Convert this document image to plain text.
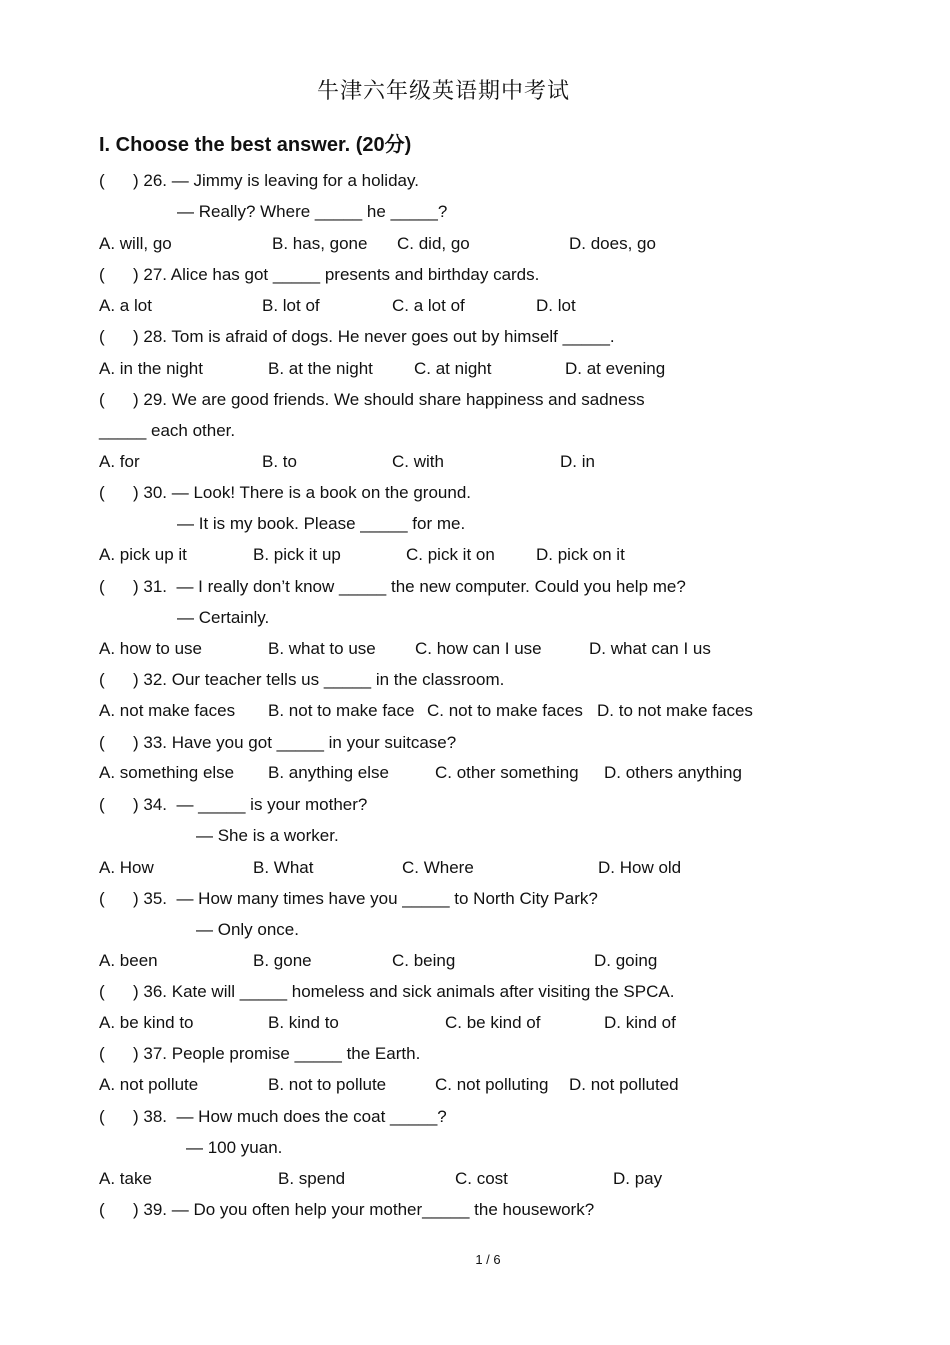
牛津六年级英语期中考试
I. Choose the best answer. (20分)
(      ) 26. — Jimmy is leaving for a holiday.
— Really? Where _____ he _____?
A. will, go	B. has, gone C. did, go	D. does, go
(      ) 27. Alice has got _____ presents and birthday cards.
A. a lot	B. lot of	C. a lot of	D. lot
(      ) 28. Tom is afraid of dogs. He never goes out by himself _____.
A. in the night	B. at the night C. at night	D. at evening
(      ) 29. We are good friends. We should share happiness and sadness
_____ each other.
A. for	B. to	C. with	D. in
(      ) 30. — Look! There is a book on the ground.
— It is my book. Please _____ for me.
A. pick up it	B. pick it up	C. pick it on D. pick on it
(      ) 31.  — I really don’t know _____ the new computer. Could you help me?
— Certainly.
A. how to use	B. what to use C. how can I use	D. what can I us
(      ) 32. Our teacher tells us _____ in the classroom.
A. not make faces B. not to make face C. not to make faces D. to not make faces
(      ) 33. Have you got _____ in your suitcase?
A. something else B. anything else	C. other something D. others anything
(      ) 34.  — _____ is your mother?
— She is a worker.
A. How	B. What	C. Where	D. How old
(      ) 35.  — How many times have you _____ to North City Park?
— Only once.
A. been	B. gone	C. being	D. going
(      ) 36. Kate will _____ homeless and sick animals after visiting the SPCA.
A. be kind to	B. kind to	C. be kind of	D. kind of
(      ) 37. People promise _____ the Earth.
A. not pollute	B. not to pollute	C. not polluting D. not polluted
(      ) 38.  — How much does the coat _____?
— 100 yuan.
A. take	B. spend	C. cost	D. pay
(      ) 39. — Do you often help your mother_____ the housework?
1 / 6
